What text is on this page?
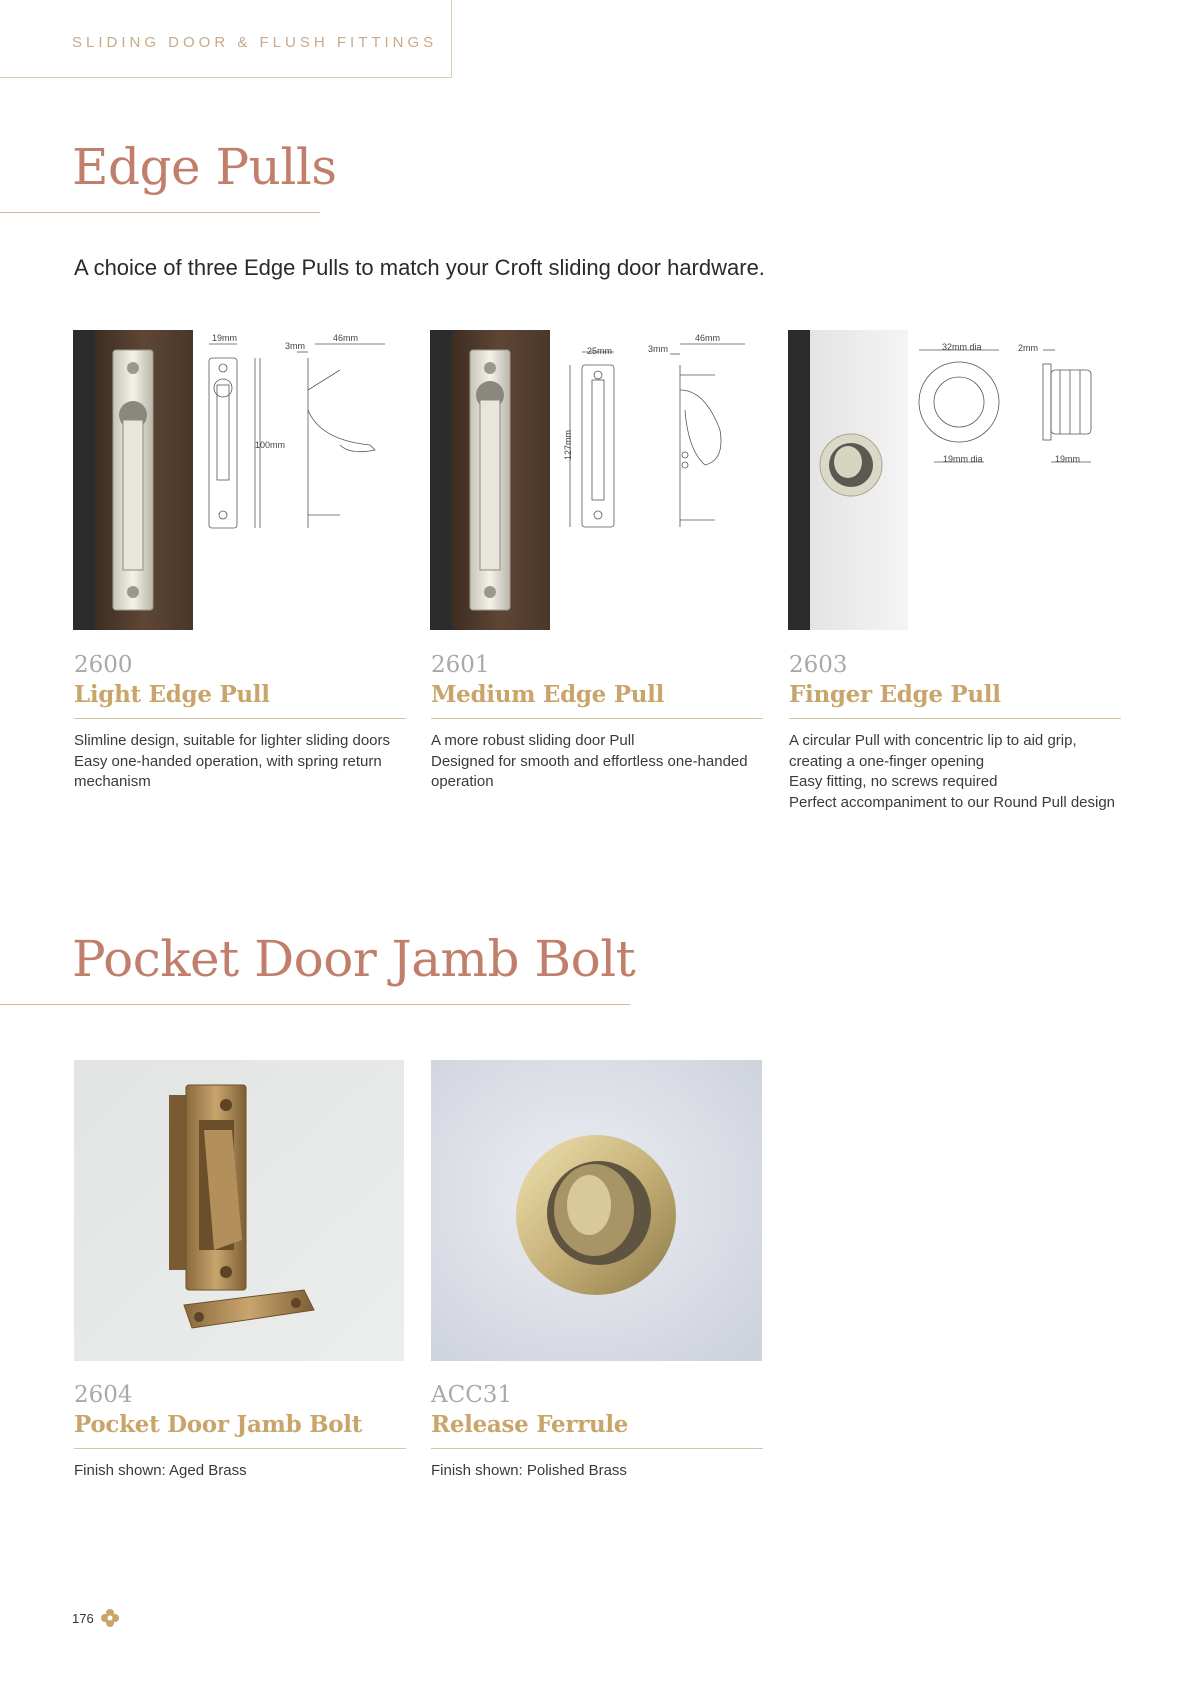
SLIDING DOOR & FLUSH FITTINGS
Edge Pulls
A choice of three Edge Pulls to match your Croft sliding door hardware.
19mm
3mm
46mm
100mm
25mm	3mm
46mm
127mm
32mm dia	2mm
19mm dia	19mm
2600
Light Edge Pull
Slimline design, suitable for lighter sliding doors
Easy one-handed operation, with spring return mechanism
2601
Medium Edge Pull
A more robust sliding door Pull
Designed for smooth and effortless one-handed operation
2603
Finger Edge Pull
A circular Pull with concentric lip to aid grip, creating a one-finger opening
Easy fitting, no screws required
Perfect accompaniment to our Round Pull design
Pocket Door Jamb Bolt
2604
Pocket Door Jamb Bolt
Finish shown: Aged Brass
ACC31
Release Ferrule
Finish shown: Polished Brass
176
